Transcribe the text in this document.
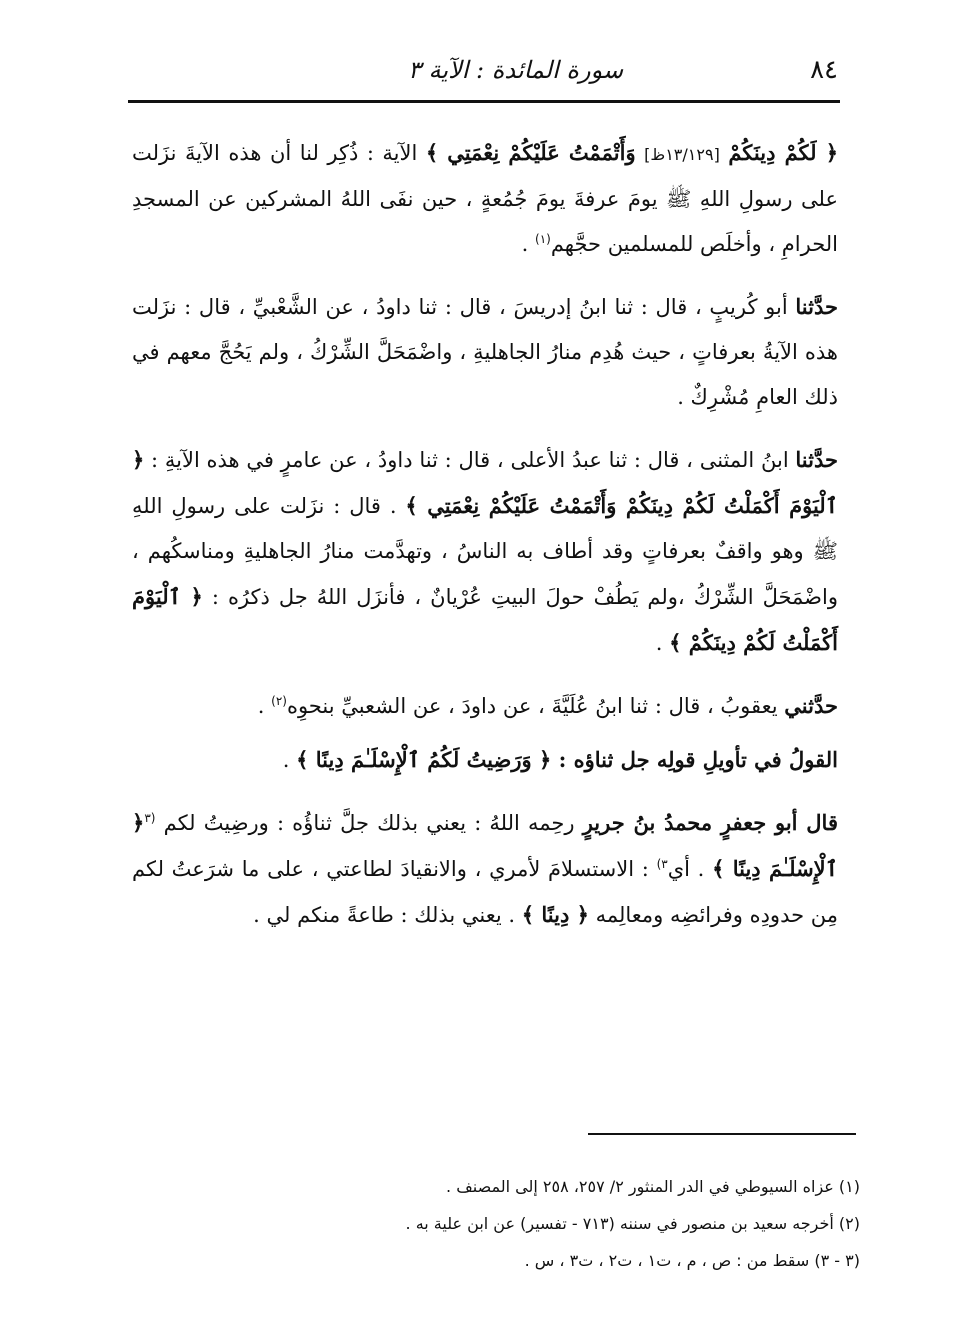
٨٤
سورة المائدة : الآية ٣

﴿ لَكُمْ دِينَكُمْ [١٣/١٢٩ظ] وَأَتْمَمْتُ عَلَيْكُمْ نِعْمَتِي ﴾ الآية : ذُكِر لنا أن هذه الآيةَ نزَلت على رسولِ اللهِ ﷺ يومَ عرفةَ يومَ جُمُعةٍ ، حين نفَى اللهُ المشركين عن المسجدِ الحرامِ ، وأخلَص للمسلمين حجَّهم$^{(١)}$ .

حدَّثنا أبو كُريبٍ ، قال : ثنا ابنُ إدريسَ ، قال : ثنا داودُ ، عن الشَّعْبيِّ ، قال : نزَلت هذه الآيةُ بعرفاتٍ ، حيث هُدِم منارُ الجاهليةِ ، واضْمَحَلَّ الشِّرْكُ ، ولم يَحُجَّ معهم في ذلك العامِ مُشْرِكٌ .

حدَّثنا ابنُ المثنى ، قال : ثنا عبدُ الأعلى ، قال : ثنا داودُ ، عن عامرٍ في هذه الآيةِ : ﴿ ٱلْيَوْمَ أَكْمَلْتُ لَكُمْ دِينَكُمْ وَأَتْمَمْتُ عَلَيْكُمْ نِعْمَتِي ﴾ . قال : نزَلت على رسولِ اللهِ ﷺ وهو واقفٌ بعرفاتٍ وقد أطاف به الناسُ ، وتهدَّمت منارُ الجاهليةِ ومناسكُهم ، واضْمَحَلَّ الشِّرْكُ ،ولم يَطُفْ حولَ البيتِ عُرْيانٌ ، فأنزَل اللهُ جل ذكرُه : ﴿ ٱلْيَوْمَ أَكْمَلْتُ لَكُمْ دِينَكُمْ ﴾ .

حدَّثني يعقوبُ ، قال : ثنا ابنُ عُلَيَّةَ ، عن داودَ ، عن الشعبيِّ بنحوِه$^{(٢)}$ .

القولُ في تأويلِ قولِه جل ثناؤه : ﴿ وَرَضِيتُ لَكُمُ ٱلْإِسْلَـٰمَ دِينًا ﴾ .

قال أبو جعفرٍ محمدُ بنُ جريرٍ رحِمه اللهُ : يعني بذلك جلَّ ثناؤُه : ورضِيتُ لكم $^{(٣}$﴿ ٱلْإِسْلَـٰمَ دِينًا ﴾ . أي$^{٣)}$ : الاستسلامَ لأمري ، والانقيادَ لطاعتي ، على ما شرَعتُ لكم مِن حدودِه وفرائضِه ومعالِمه ﴿ دِينًا ﴾ . يعني بذلك : طاعةً منكم لي .

(١) عزاه السيوطي في الدر المنثور ٢/ ٢٥٧، ٢٥٨ إلى المصنف .

(٢) أخرجه سعيد بن منصور في سننه (٧١٣ - تفسير) عن ابن علية به .

(٣ - ٣) سقط من : ص ، م ، ت١ ، ت٢ ، ت٣ ، س .
